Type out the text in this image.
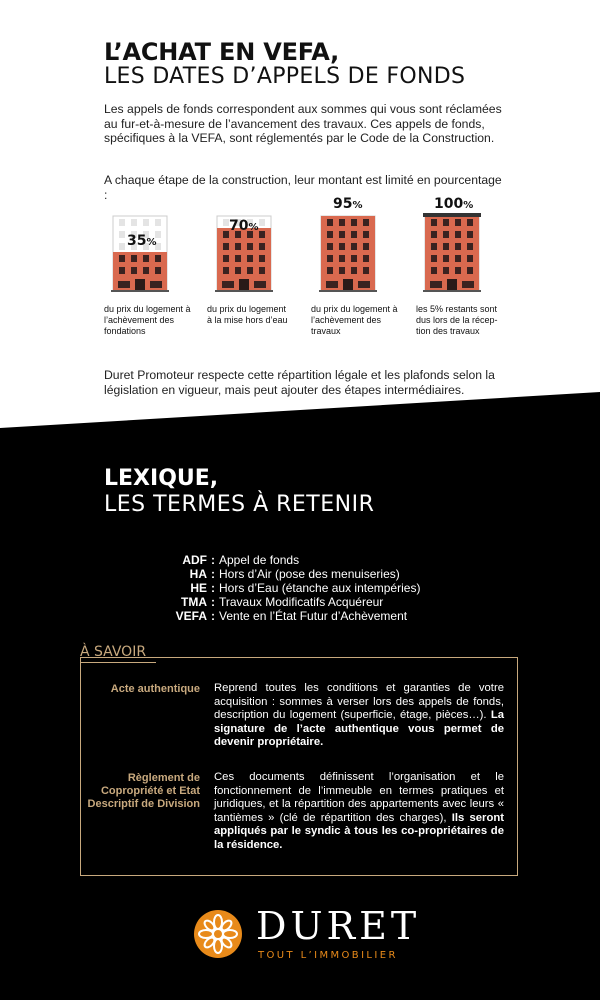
L’ACHAT EN VEFA,
LES DATES D’APPELS DE FONDS
Les appels de fonds correspondent aux sommes qui vous sont réclamées au fur-et-à-mesure de l’avancement des travaux. Ces appels de fonds, spécifiques à la VEFA, sont réglementés par le Code de la Construction.
A chaque étape de la construction, leur montant est limité en pourcentage :
35%
70%
95%	100%
du prix du logement à l’achèvement des fondations
du prix du logement à la mise hors d’eau
du prix du logement à l’achèvement des travaux
les 5% restants sont dus lors de la récep-tion des travaux
Duret Promoteur respecte cette répartition légale et les plafonds selon la législation en vigueur, mais peut ajouter des étapes intermédiaires.
LEXIQUE,
LES TERMES À RETENIR
ADF : Appel de fonds
HA : Hors d’Air (pose des menuiseries)
HE : Hors d’Eau (étanche aux intempéries)
TMA : Travaux Modificatifs Acquéreur
VEFA : Vente en l’État Futur d’Achèvement
À SAVOIR
Acte authentique Reprend toutes les conditions et garanties de votre acquisition : sommes à verser lors des appels de fonds, description du logement (superficie, étage, pièces…). La signature de l’acte authentique vous permet de devenir propriétaire.
Règlement de Copropriété et Etat Descriptif de Division
Ces documents définissent l’organisation et le fonctionnement de l’immeuble en termes pratiques et juridiques, et la répartition des appartements avec leurs « tantièmes » (clé de répartition des charges), Ils seront appliqués par le syndic à tous les co-propriétaires de la résidence.
DURET
TOUT L’IMMOBILIER
